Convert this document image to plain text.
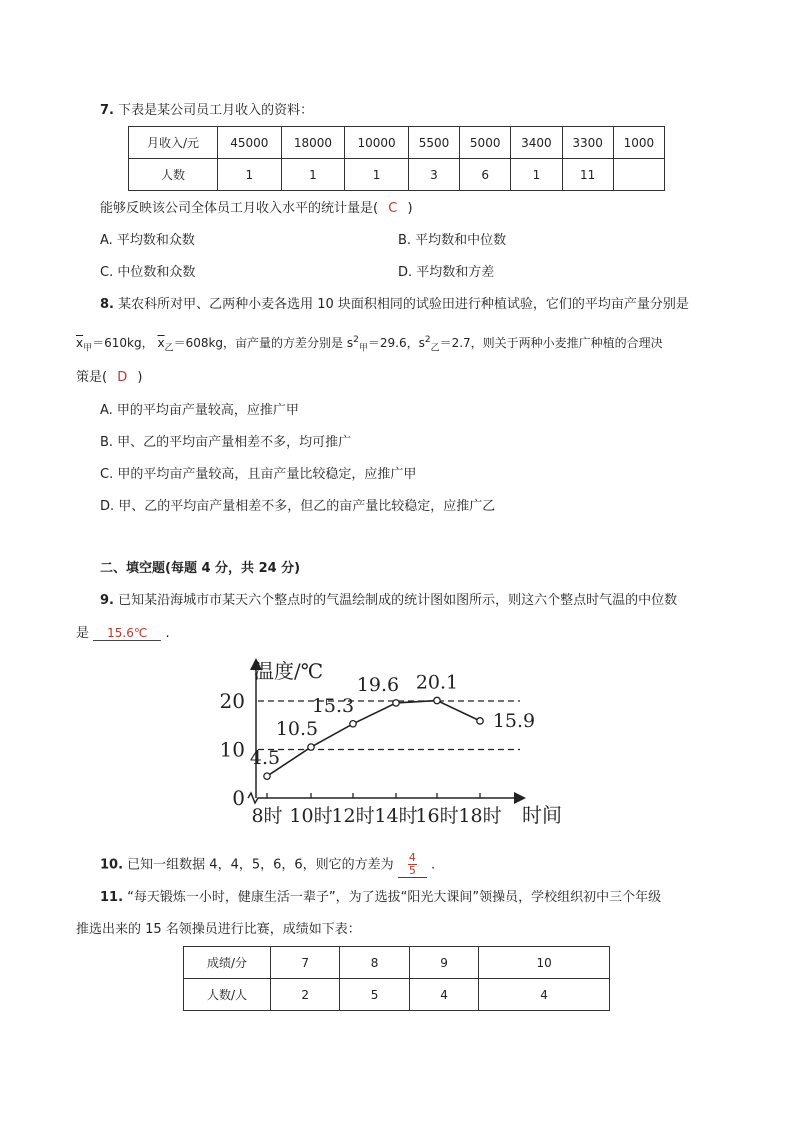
7. 下表是某公司员工月收入的资料：
月收入/元	45000	18000	10000	5500	5000	3400	3300	1000
人数	1	1	1	3	6	1	11	
能够反映该公司全体员工月收入水平的统计量是( C )
A. 平均数和众数	B. 平均数和中位数
C. 中位数和众数	D. 平均数和方差
8. 某农科所对甲、乙两种小麦各选用 10 块面积相同的试验田进行种植试验，它们的平均亩产量分别是
$\overline{x}_甲=610kg$， $\overline{x}_乙=608kg$，亩产量的方差分别是 $s^2_甲=29.6$，$s^2_乙=2.7$，则关于两种小麦推广种植的合理决
策是( D )
A. 甲的平均亩产量较高，应推广甲
B. 甲、乙的平均亩产量相差不多，均可推广
C. 甲的平均亩产量较高，且亩产量比较稳定，应推广甲
D. 甲、乙的平均亩产量相差不多，但乙的亩产量比较稳定，应推广乙
二、填空题(每题 4 分，共 24 分)
9. 已知某沿海城市市某天六个整点时的气温绘制成的统计图如图所示，则这六个整点时气温的中位数
是 15.6℃ .
0
10
20
温度/℃
时间
8时 10时
12时 14时
16时 18时
4.5
10.5
15.3
19.6 20.1
15.9
10. 已知一组数据 4，4，5，6，6，则它的方差为 $\frac{4}{5}$ .
11. “每天锻炼一小时，健康生活一辈子”，为了选拔“阳光大课间”领操员，学校组织初中三个年级
推选出来的 15 名领操员进行比赛，成绩如下表：
成绩/分	7	8	9	10
人数/人	2	5	4	4
